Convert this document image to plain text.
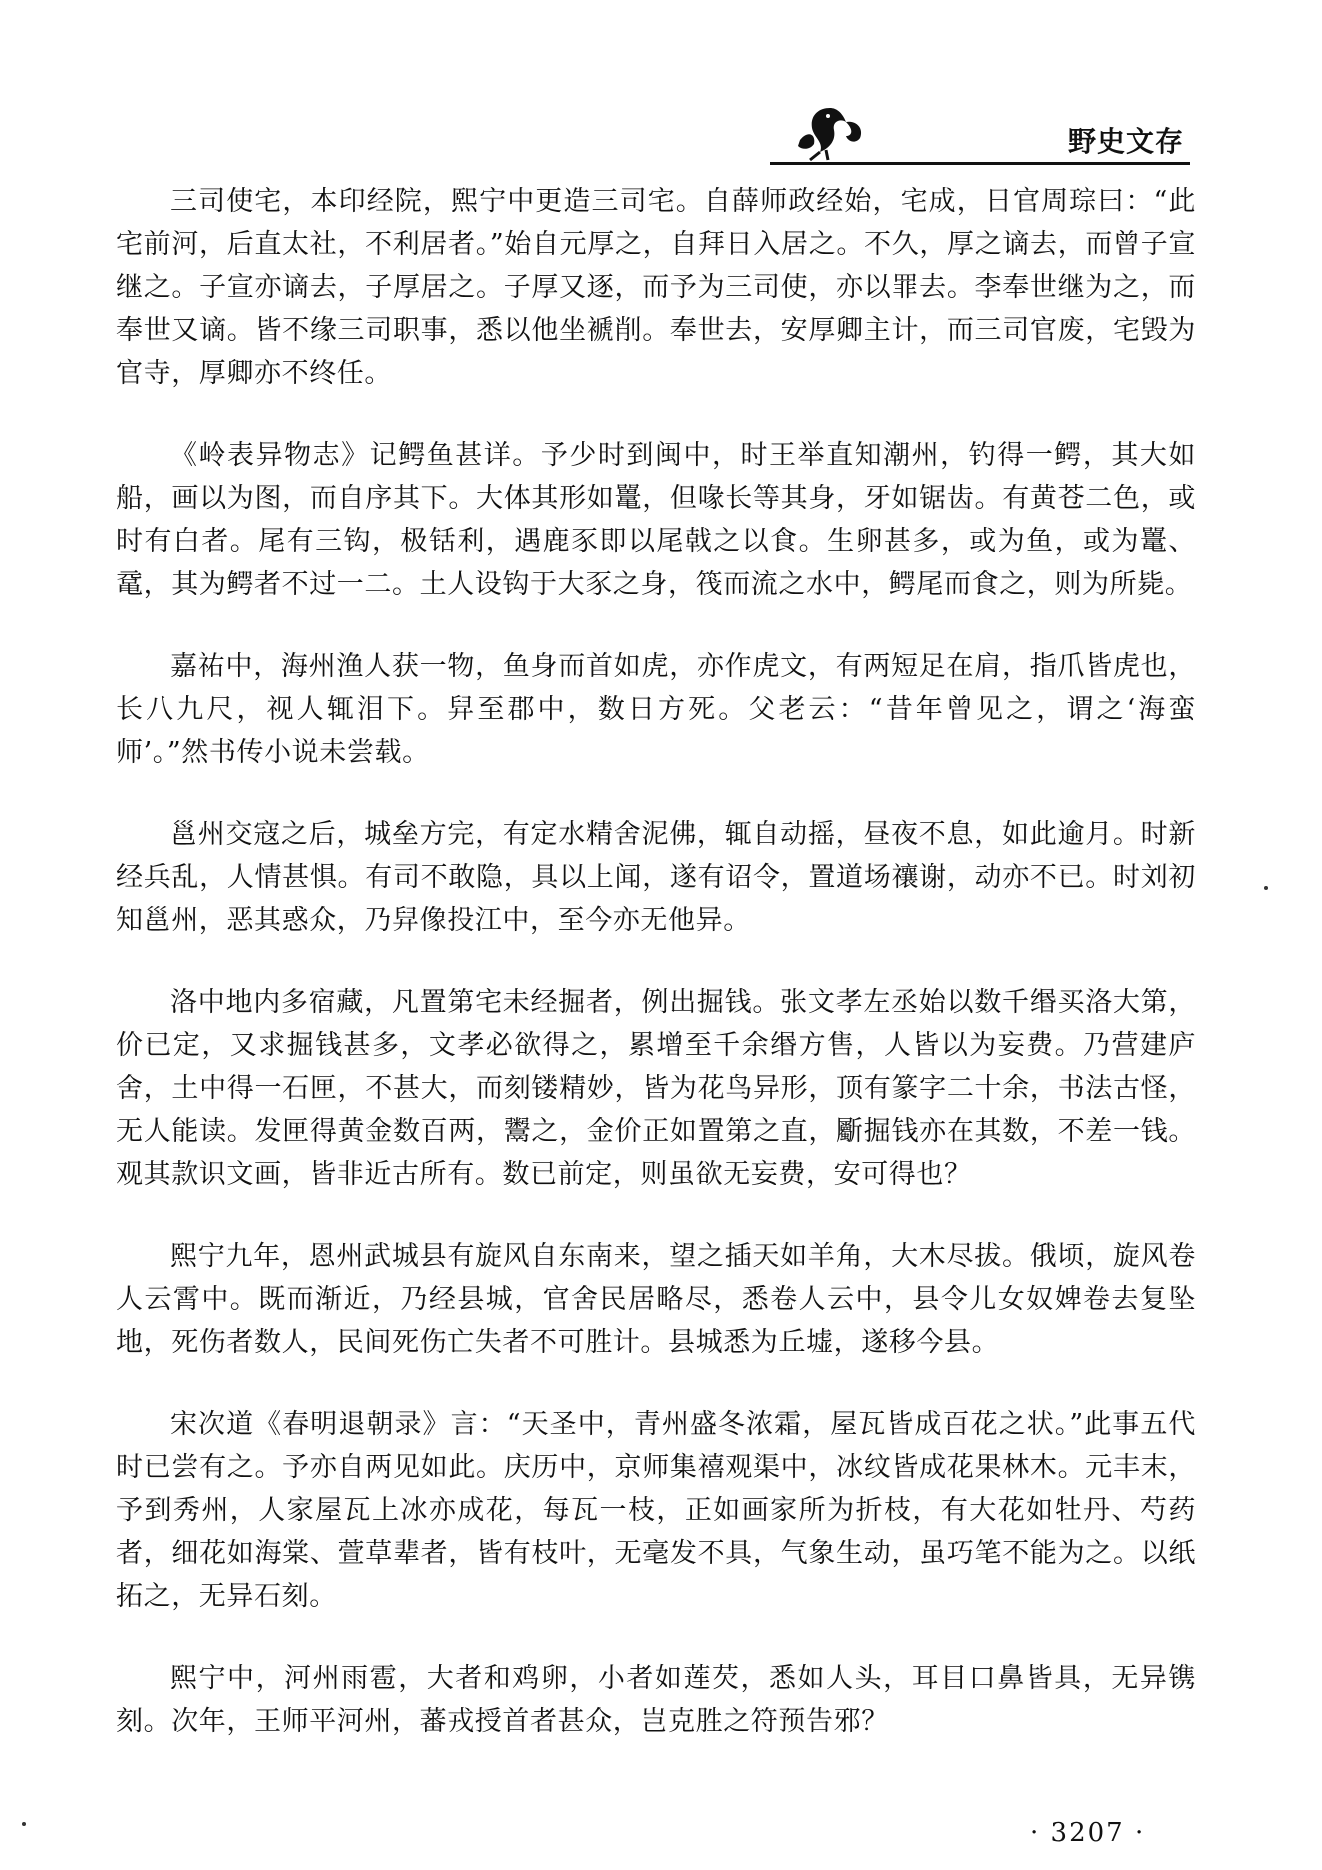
野史文存

三司使宅，本印经院，熙宁中更造三司宅。自薛师政经始，宅成，日官周琮曰：“此宅前河，后直太社，不利居者。”始自元厚之，自拜日入居之。不久，厚之谪去，而曾子宣继之。子宣亦谪去，子厚居之。子厚又逐，而予为三司使，亦以罪去。李奉世继为之，而奉世又谪。皆不缘三司职事，悉以他坐褫削。奉世去，安厚卿主计，而三司官废，宅毁为官寺，厚卿亦不终任。

《岭表异物志》记鳄鱼甚详。予少时到闽中，时王举直知潮州，钓得一鳄，其大如船，画以为图，而自序其下。大体其形如鼍，但喙长等其身，牙如锯齿。有黄苍二色，或时有白者。尾有三钩，极铦利，遇鹿豕即以尾戟之以食。生卵甚多，或为鱼，或为鼍、鼋，其为鳄者不过一二。土人设钩于大豕之身，筏而流之水中，鳄尾而食之，则为所毙。

嘉祐中，海州渔人获一物，鱼身而首如虎，亦作虎文，有两短足在肩，指爪皆虎也，长八九尺，视人辄泪下。舁至郡中，数日方死。父老云：“昔年曾见之，谓之‘海蛮师’。”然书传小说未尝载。

邕州交寇之后，城垒方完，有定水精舍泥佛，辄自动摇，昼夜不息，如此逾月。时新经兵乱，人情甚惧。有司不敢隐，具以上闻，遂有诏令，置道场禳谢，动亦不已。时刘初知邕州，恶其惑众，乃舁像投江中，至今亦无他异。

洛中地内多宿藏，凡置第宅未经掘者，例出掘钱。张文孝左丞始以数千缗买洛大第，价已定，又求掘钱甚多，文孝必欲得之，累增至千余缗方售，人皆以为妄费。乃营建庐舍，土中得一石匣，不甚大，而刻镂精妙，皆为花鸟异形，顶有篆字二十余，书法古怪，无人能读。发匣得黄金数百两，鬻之，金价正如置第之直，斸掘钱亦在其数，不差一钱。观其款识文画，皆非近古所有。数已前定，则虽欲无妄费，安可得也？

熙宁九年，恩州武城县有旋风自东南来，望之插天如羊角，大木尽拔。俄顷，旋风卷人云霄中。既而渐近，乃经县城，官舍民居略尽，悉卷人云中，县令儿女奴婢卷去复坠地，死伤者数人，民间死伤亡失者不可胜计。县城悉为丘墟，遂移今县。

宋次道《春明退朝录》言：“天圣中，青州盛冬浓霜，屋瓦皆成百花之状。”此事五代时已尝有之。予亦自两见如此。庆历中，京师集禧观渠中，冰纹皆成花果林木。元丰末，予到秀州，人家屋瓦上冰亦成花，每瓦一枝，正如画家所为折枝，有大花如牡丹、芍药者，细花如海棠、萱草辈者，皆有枝叶，无毫发不具，气象生动，虽巧笔不能为之。以纸拓之，无异石刻。

熙宁中，河州雨雹，大者和鸡卵，小者如莲芡，悉如人头，耳目口鼻皆具，无异镌刻。次年，王师平河州，蕃戎授首者甚众，岂克胜之符预告邪？

· 3207 ·
